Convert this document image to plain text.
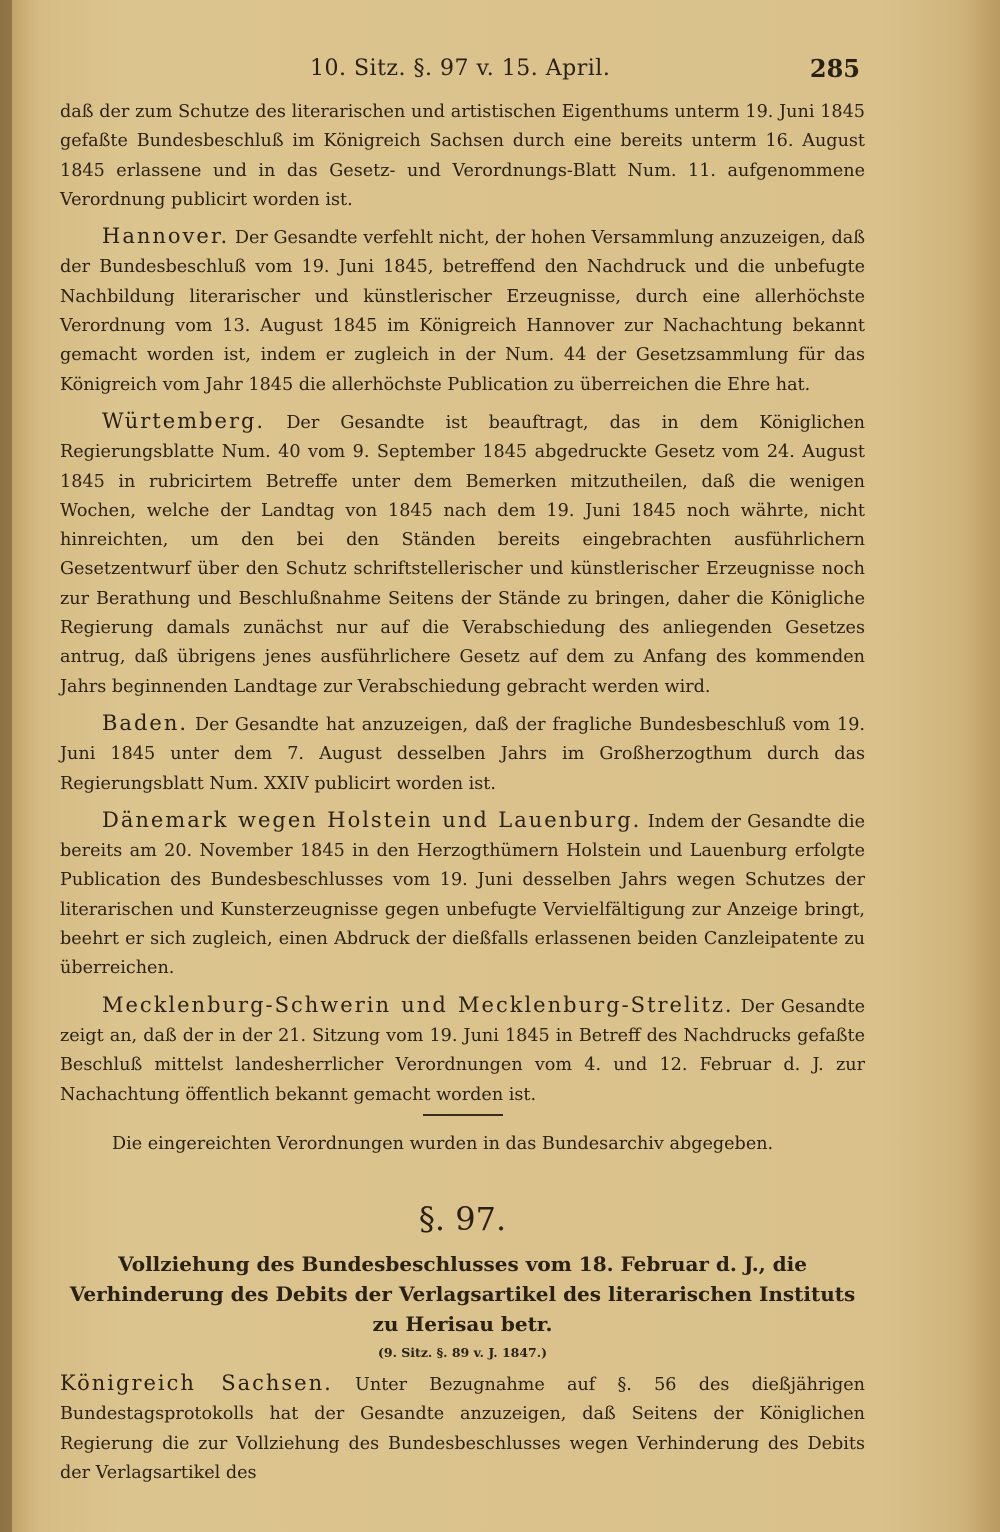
10. Sitz. §. 97 v. 15. April.	285

daß der zum Schutze des literarischen und artistischen Eigenthums unterm 19. Juni 1845 gefaßte Bundesbeschluß im Königreich Sachsen durch eine bereits unterm 16. August 1845 erlassene und in das Gesetz- und Verordnungs-Blatt Num. 11. aufgenommene Verordnung publicirt worden ist.

Hannover. Der Gesandte verfehlt nicht, der hohen Versammlung anzuzeigen, daß der Bundesbeschluß vom 19. Juni 1845, betreffend den Nachdruck und die unbefugte Nachbildung literarischer und künstlerischer Erzeugnisse, durch eine allerhöchste Verordnung vom 13. August 1845 im Königreich Hannover zur Nachachtung bekannt gemacht worden ist, indem er zugleich in der Num. 44 der Gesetzsammlung für das Königreich vom Jahr 1845 die allerhöchste Publication zu überreichen die Ehre hat.

Würtemberg. Der Gesandte ist beauftragt, das in dem Königlichen Regierungsblatte Num. 40 vom 9. September 1845 abgedruckte Gesetz vom 24. August 1845 in rubricirtem Betreffe unter dem Bemerken mitzutheilen, daß die wenigen Wochen, welche der Landtag von 1845 nach dem 19. Juni 1845 noch währte, nicht hinreichten, um den bei den Ständen bereits eingebrachten ausführlichern Gesetzentwurf über den Schutz schriftstellerischer und künstlerischer Erzeugnisse noch zur Berathung und Beschlußnahme Seitens der Stände zu bringen, daher die Königliche Regierung damals zunächst nur auf die Verabschiedung des anliegenden Gesetzes antrug, daß übrigens jenes ausführlichere Gesetz auf dem zu Anfang des kommenden Jahrs beginnenden Landtage zur Verabschiedung gebracht werden wird.

Baden. Der Gesandte hat anzuzeigen, daß der fragliche Bundesbeschluß vom 19. Juni 1845 unter dem 7. August desselben Jahrs im Großherzogthum durch das Regierungsblatt Num. XXIV publicirt worden ist.

Dänemark wegen Holstein und Lauenburg. Indem der Gesandte die bereits am 20. November 1845 in den Herzogthümern Holstein und Lauenburg erfolgte Publication des Bundesbeschlusses vom 19. Juni desselben Jahrs wegen Schutzes der literarischen und Kunsterzeugnisse gegen unbefugte Vervielfältigung zur Anzeige bringt, beehrt er sich zugleich, einen Abdruck der dießfalls erlassenen beiden Canzleipatente zu überreichen.

Mecklenburg-Schwerin und Mecklenburg-Strelitz. Der Gesandte zeigt an, daß der in der 21. Sitzung vom 19. Juni 1845 in Betreff des Nachdrucks gefaßte Beschluß mittelst landesherrlicher Verordnungen vom 4. und 12. Februar d. J. zur Nachachtung öffentlich bekannt gemacht worden ist.

Die eingereichten Verordnungen wurden in das Bundesarchiv abgegeben.

§. 97.
Vollziehung des Bundesbeschlusses vom 18. Februar d. J., die Verhinderung des Debits der Verlagsartikel des literarischen Instituts zu Herisau betr.

(9. Sitz. §. 89 v. J. 1847.)

Königreich Sachsen. Unter Bezugnahme auf §. 56 des dießjährigen Bundestagsprotokolls hat der Gesandte anzuzeigen, daß Seitens der Königlichen Regierung die zur Vollziehung des Bundesbeschlusses wegen Verhinderung des Debits der Verlagsartikel des
